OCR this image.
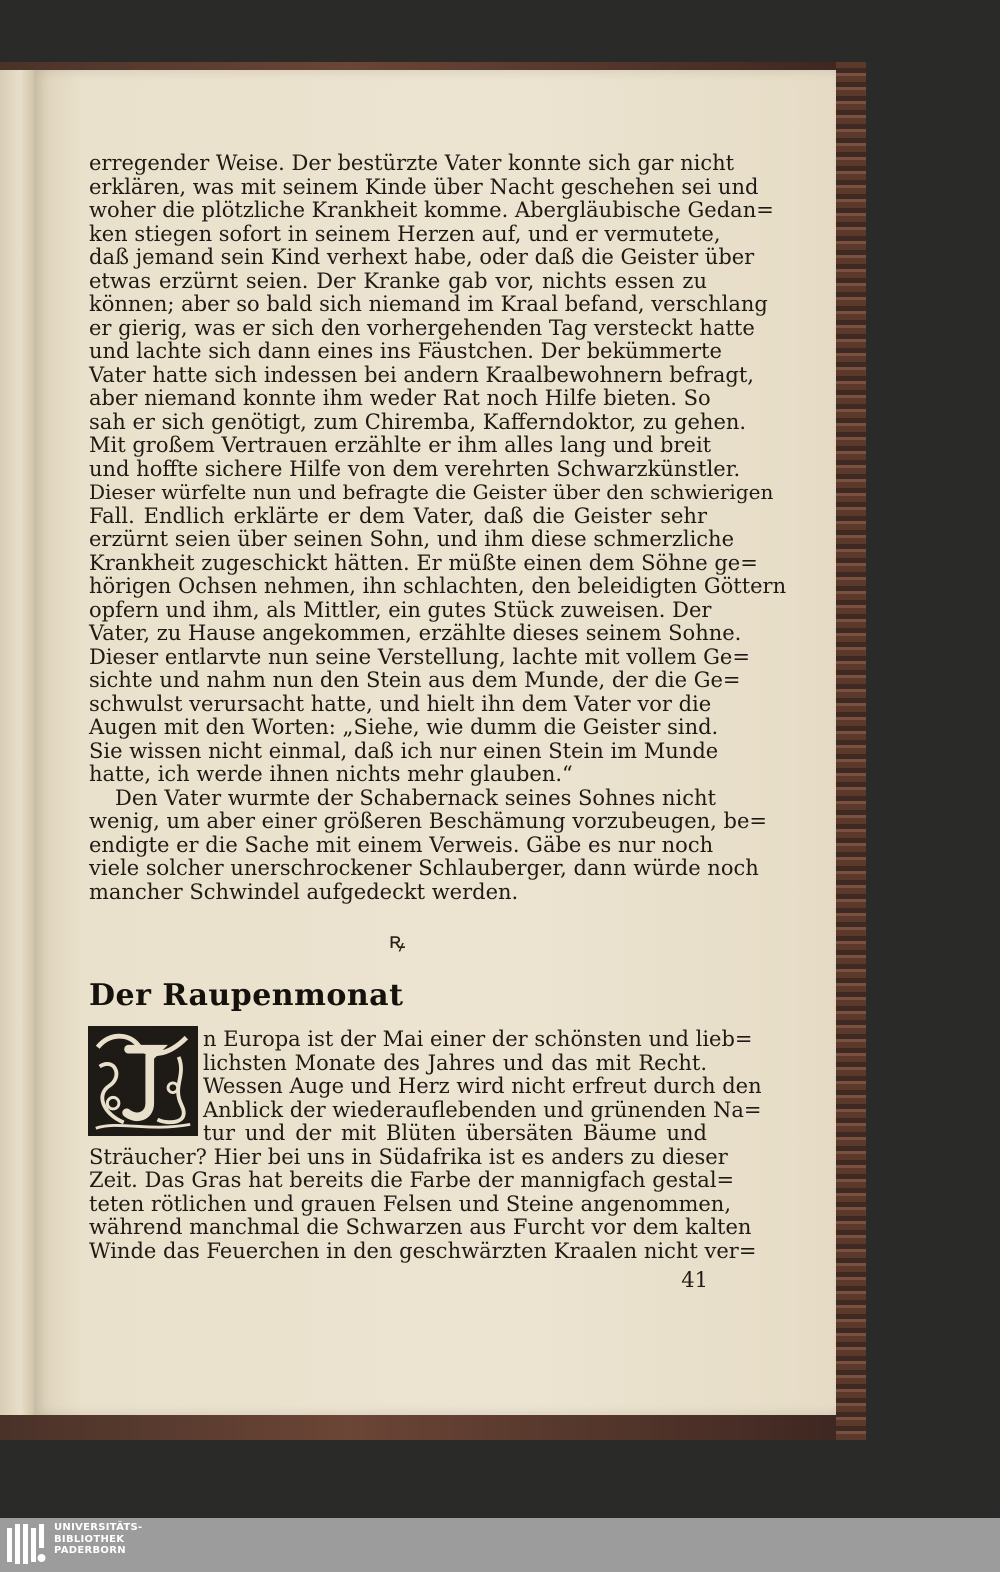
erregender Weise. Der bestürzte Vater konnte sich gar nicht
erklären, was mit seinem Kinde über Nacht geschehen sei und
woher die plötzliche Krankheit komme. Abergläubische Gedan=
ken stiegen sofort in seinem Herzen auf, und er vermutete,
daß jemand sein Kind verhext habe, oder daß die Geister über
etwas erzürnt seien. Der Kranke gab vor, nichts essen zu
können; aber so bald sich niemand im Kraal befand, verschlang
er gierig, was er sich den vorhergehenden Tag versteckt hatte
und lachte sich dann eines ins Fäustchen. Der bekümmerte
Vater hatte sich indessen bei andern Kraalbewohnern befragt,
aber niemand konnte ihm weder Rat noch Hilfe bieten. So
sah er sich genötigt, zum Chiremba, Kafferndoktor, zu gehen.
Mit großem Vertrauen erzählte er ihm alles lang und breit
und hoffte sichere Hilfe von dem verehrten Schwarzkünstler.
Dieser würfelte nun und befragte die Geister über den schwierigen
Fall. Endlich erklärte er dem Vater, daß die Geister sehr
erzürnt seien über seinen Sohn, und ihm diese schmerzliche
Krankheit zugeschickt hätten. Er müßte einen dem Söhne ge=
hörigen Ochsen nehmen, ihn schlachten, den beleidigten Göttern
opfern und ihm, als Mittler, ein gutes Stück zuweisen. Der
Vater, zu Hause angekommen, erzählte dieses seinem Sohne.
Dieser entlarvte nun seine Verstellung, lachte mit vollem Ge=
sichte und nahm nun den Stein aus dem Munde, der die Ge=
schwulst verursacht hatte, und hielt ihn dem Vater vor die
Augen mit den Worten: „Siehe, wie dumm die Geister sind.
Sie wissen nicht einmal, daß ich nur einen Stein im Munde
hatte, ich werde ihnen nichts mehr glauben.“
Den Vater wurmte der Schabernack seines Sohnes nicht
wenig, um aber einer größeren Beschämung vorzubeugen, be=
endigte er die Sache mit einem Verweis. Gäbe es nur noch
viele solcher unerschrockener Schlauberger, dann würde noch
mancher Schwindel aufgedeckt werden.
ꝶ
Der Raupenmonat
n Europa ist der Mai einer der schönsten und lieb=
lichsten Monate des Jahres und das mit Recht.
Wessen Auge und Herz wird nicht erfreut durch den
Anblick der wiederauflebenden und grünenden Na=
tur und der mit Blüten übersäten Bäume und
Sträucher? Hier bei uns in Südafrika ist es anders zu dieser
Zeit. Das Gras hat bereits die Farbe der mannigfach gestal=
teten rötlichen und grauen Felsen und Steine angenommen,
während manchmal die Schwarzen aus Furcht vor dem kalten
Winde das Feuerchen in den geschwärzten Kraalen nicht ver=
41
UNIVERSITÄTS-
BIBLIOTHEK
PADERBORN
